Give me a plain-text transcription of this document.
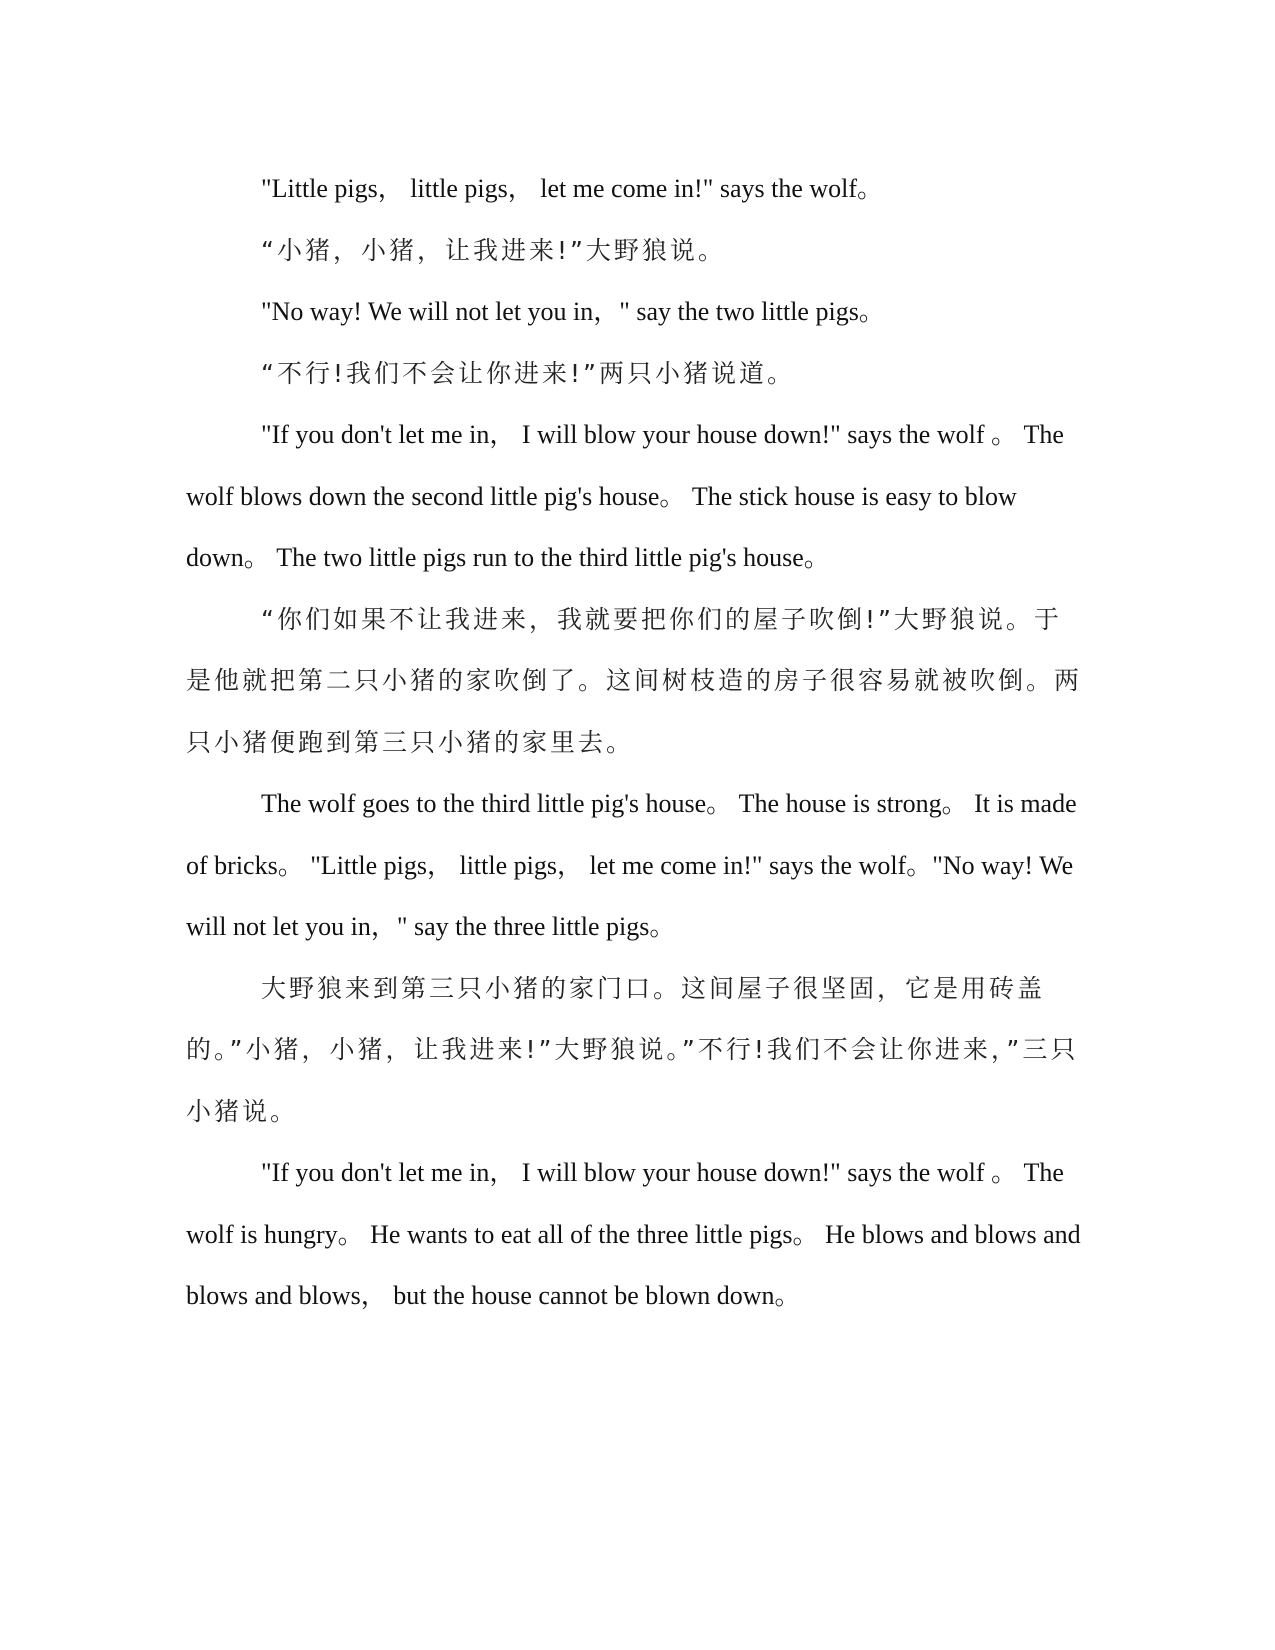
"Little pigs， little pigs， let me come in!" says the wolf。

“小猪，小猪，让我进来!”大野狼说。

"No way! We will not let you in，" say the two little pigs。

“不行!我们不会让你进来!”两只小猪说道。

"If you don't let me in， I will blow your house down!" says the wolf 。 The wolf blows down the second little pig's house。 The stick house is easy to blow down。 The two little pigs run to the third little pig's house。

“你们如果不让我进来，我就要把你们的屋子吹倒!”大野狼说。于是他就把第二只小猪的家吹倒了。这间树枝造的房子很容易就被吹倒。两只小猪便跑到第三只小猪的家里去。

The wolf goes to the third little pig's house。 The house is strong。 It is made of bricks。 "Little pigs， little pigs， let me come in!" says the wolf。"No way! We will not let you in，" say the three little pigs。

大野狼来到第三只小猪的家门口。这间屋子很坚固，它是用砖盖的。”小猪，小猪，让我进来!”大野狼说。”不行!我们不会让你进来，”三只小猪说。

"If you don't let me in， I will blow your house down!" says the wolf 。 The wolf is hungry。 He wants to eat all of the three little pigs。 He blows and blows and blows and blows， but the house cannot be blown down。
